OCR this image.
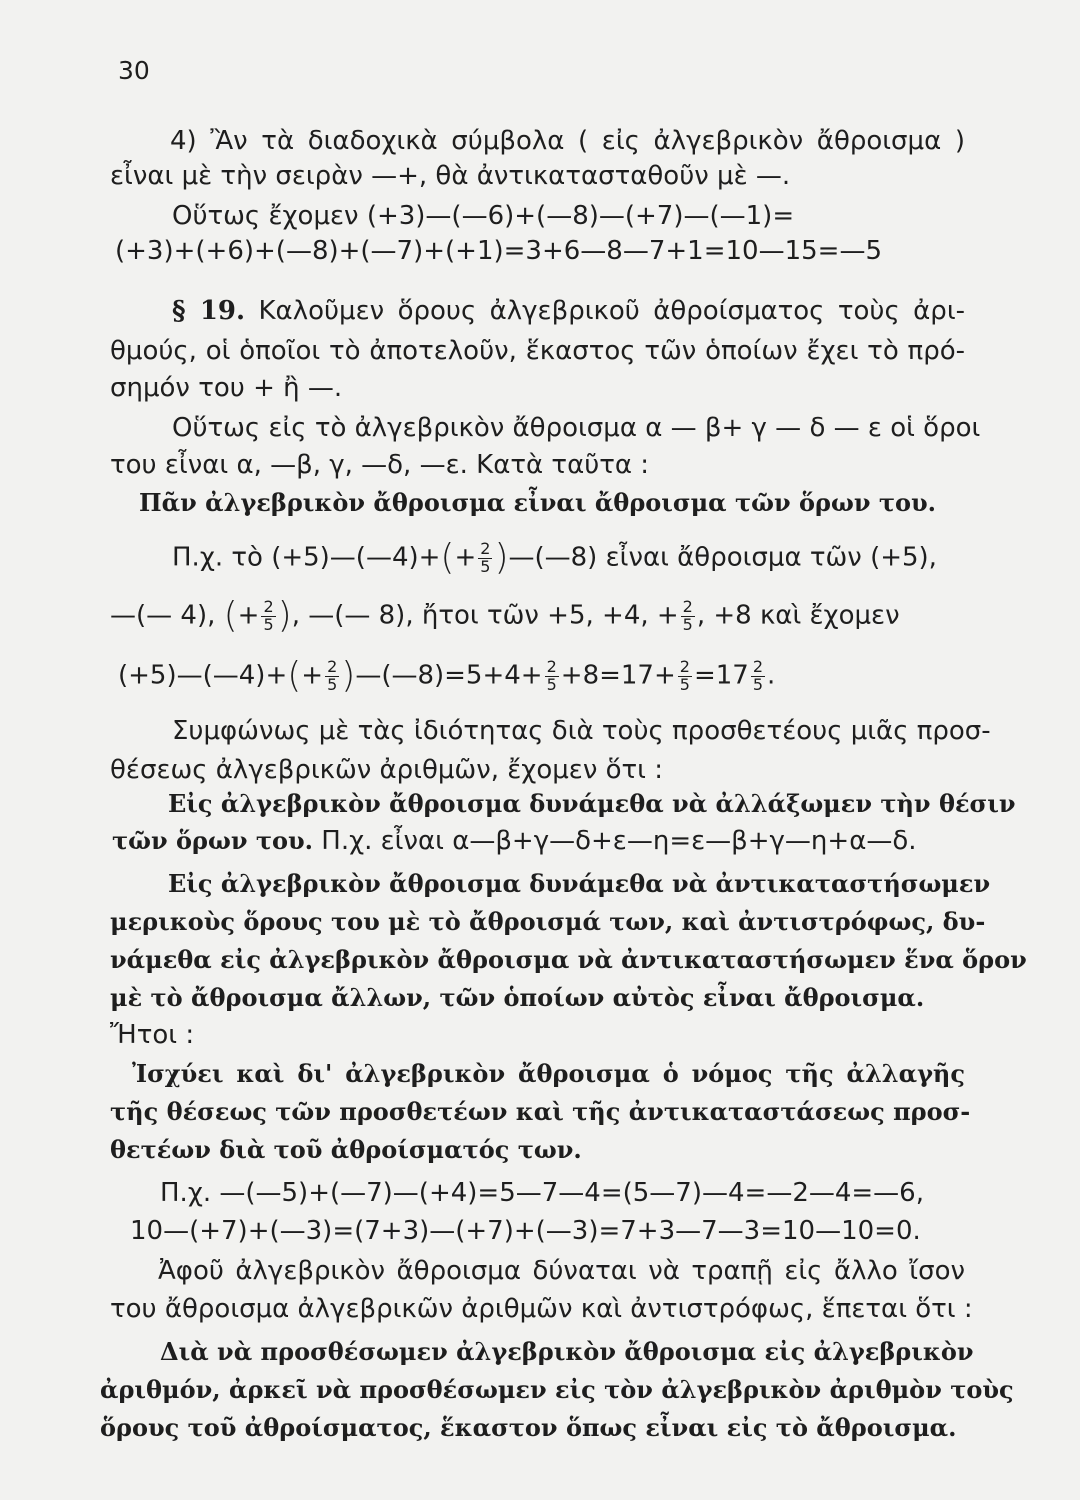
30
4) Ἂν τὰ διαδοχικὰ σύμβολα ( εἰς ἀλγεβρικὸν ἄθροισμα )
εἶναι μὲ τὴν σειρὰν —+, θὰ ἀντικατασταθοῦν μὲ —.
Οὕτως ἔχομεν (+3)—(—6)+(—8)—(+7)—(—1)=
(+3)+(+6)+(—8)+(—7)+(+1)=3+6—8—7+1=10—15=—5
§ 19. Καλοῦμεν ὅρους ἀλγεβρικοῦ ἀθροίσματος τοὺς ἀρι-
θμούς, οἱ ὁποῖοι τὸ ἀποτελοῦν, ἕκαστος τῶν ὁποίων ἔχει τὸ πρό-
σημόν του + ἢ —.
Οὕτως εἰς τὸ ἀλγεβρικὸν ἄθροισμα α — β+ γ — δ — ε οἱ ὅροι
του εἶναι α, —β, γ, —δ, —ε. Κατὰ ταῦτα :
Πᾶν ἀλγεβρικὸν ἄθροισμα εἶναι ἄθροισμα τῶν ὅρων του.
Π.χ. τὸ (+5)—(—4)+(+ $\frac{2}{5}$ )—(—8) εἶναι ἄθροισμα τῶν (+5),
—(— 4), (+ $\frac{2}{5}$ ), —(— 8), ἤτοι τῶν +5, +4, + $\frac{2}{5}$ , +8 καὶ ἔχομεν
(+5)—(—4)+(+ $\frac{2}{5}$ )—(—8)=5+4+ $\frac{2}{5} +8=17+ \frac{2}{5} =17 \frac{2}{5}$ .
Συμφώνως μὲ τὰς ἰδιότητας διὰ τοὺς προσθετέους μιᾶς προσ-
θέσεως ἀλγεβρικῶν ἀριθμῶν, ἔχομεν ὅτι :
Εἰς ἀλγεβρικὸν ἄθροισμα δυνάμεθα νὰ ἀλλάξωμεν τὴν θέσιν
τῶν ὅρων του. Π.χ. εἶναι α—β+γ—δ+ε—η=ε—β+γ—η+α—δ.
Εἰς ἀλγεβρικὸν ἄθροισμα δυνάμεθα νὰ ἀντικαταστήσωμεν
μερικοὺς ὅρους του μὲ τὸ ἄθροισμά των, καὶ ἀντιστρόφως, δυ-
νάμεθα εἰς ἀλγεβρικὸν ἄθροισμα νὰ ἀντικαταστήσωμεν ἕνα ὅρον
μὲ τὸ ἄθροισμα ἄλλων, τῶν ὁποίων αὐτὸς εἶναι ἄθροισμα.
Ἤτοι :
Ἰσχύει καὶ δι' ἀλγεβρικὸν ἄθροισμα ὁ νόμος τῆς ἀλλαγῆς
τῆς θέσεως τῶν προσθετέων καὶ τῆς ἀντικαταστάσεως προσ-
θετέων διὰ τοῦ ἀθροίσματός των.
Π.χ. —(—5)+(—7)—(+4)=5—7—4=(5—7)—4=—2—4=—6,
10—(+7)+(—3)=(7+3)—(+7)+(—3)=7+3—7—3=10—10=0.
Ἀφοῦ ἀλγεβρικὸν ἄθροισμα δύναται νὰ τραπῇ εἰς ἄλλο ἴσον
του ἄθροισμα ἀλγεβρικῶν ἀριθμῶν καὶ ἀντιστρόφως, ἕπεται ὅτι :
Διὰ νὰ προσθέσωμεν ἀλγεβρικὸν ἄθροισμα εἰς ἀλγεβρικὸν
ἀριθμόν, ἀρκεῖ νὰ προσθέσωμεν εἰς τὸν ἀλγεβρικὸν ἀριθμὸν τοὺς
ὅρους τοῦ ἀθροίσματος, ἕκαστον ὅπως εἶναι εἰς τὸ ἄθροισμα.
